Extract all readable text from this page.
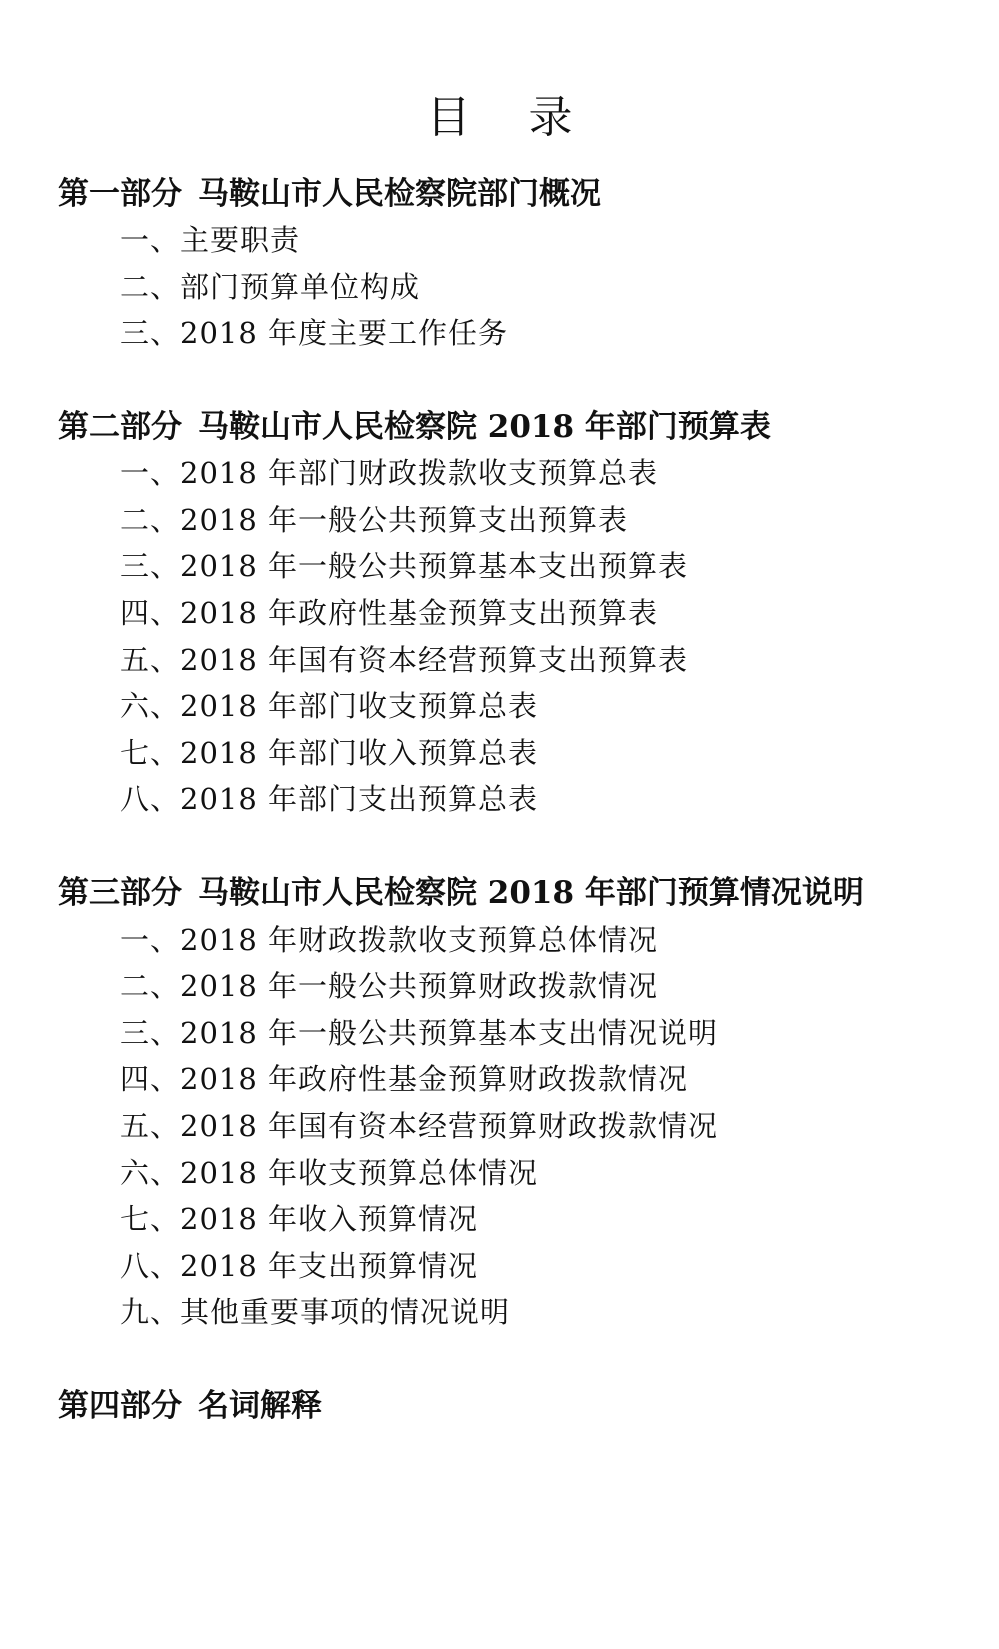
目 录
第一部分 马鞍山市人民检察院部门概况
一、主要职责
二、部门预算单位构成
三、2018 年度主要工作任务
第二部分 马鞍山市人民检察院 2018 年部门预算表
一、2018 年部门财政拨款收支预算总表
二、2018 年一般公共预算支出预算表
三、2018 年一般公共预算基本支出预算表
四、2018 年政府性基金预算支出预算表
五、2018 年国有资本经营预算支出预算表
六、2018 年部门收支预算总表
七、2018 年部门收入预算总表
八、2018 年部门支出预算总表
第三部分 马鞍山市人民检察院 2018 年部门预算情况说明
一、2018 年财政拨款收支预算总体情况
二、2018 年一般公共预算财政拨款情况
三、2018 年一般公共预算基本支出情况说明
四、2018 年政府性基金预算财政拨款情况
五、2018 年国有资本经营预算财政拨款情况
六、2018 年收支预算总体情况
七、2018 年收入预算情况
八、2018 年支出预算情况
九、其他重要事项的情况说明
第四部分 名词解释
